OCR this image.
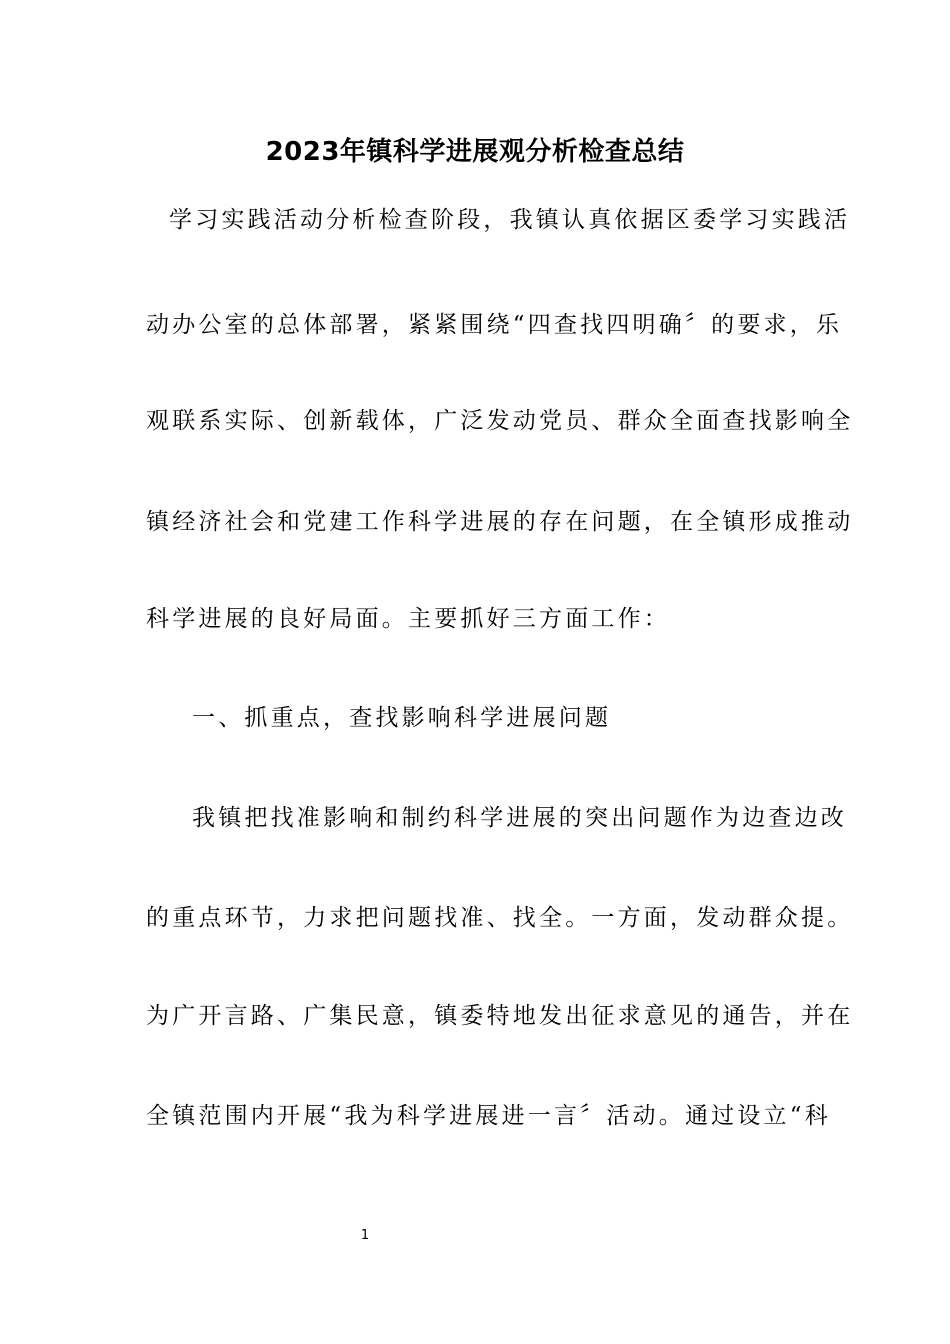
2023年镇科学进展观分析检查总结
学习实践活动分析检查阶段，我镇认真依据区委学习实践活
动办公室的总体部署，紧紧围绕“四查找四明确〞的要求，乐
观联系实际、创新载体，广泛发动党员、群众全面查找影响全
镇经济社会和党建工作科学进展的存在问题，在全镇形成推动
科学进展的良好局面。主要抓好三方面工作：
一、抓重点，查找影响科学进展问题
我镇把找准影响和制约科学进展的突出问题作为边查边改
的重点环节，力求把问题找准、找全。一方面，发动群众提。
为广开言路、广集民意，镇委特地发出征求意见的通告，并在
全镇范围内开展“我为科学进展进一言〞活动。通过设立“科
1
